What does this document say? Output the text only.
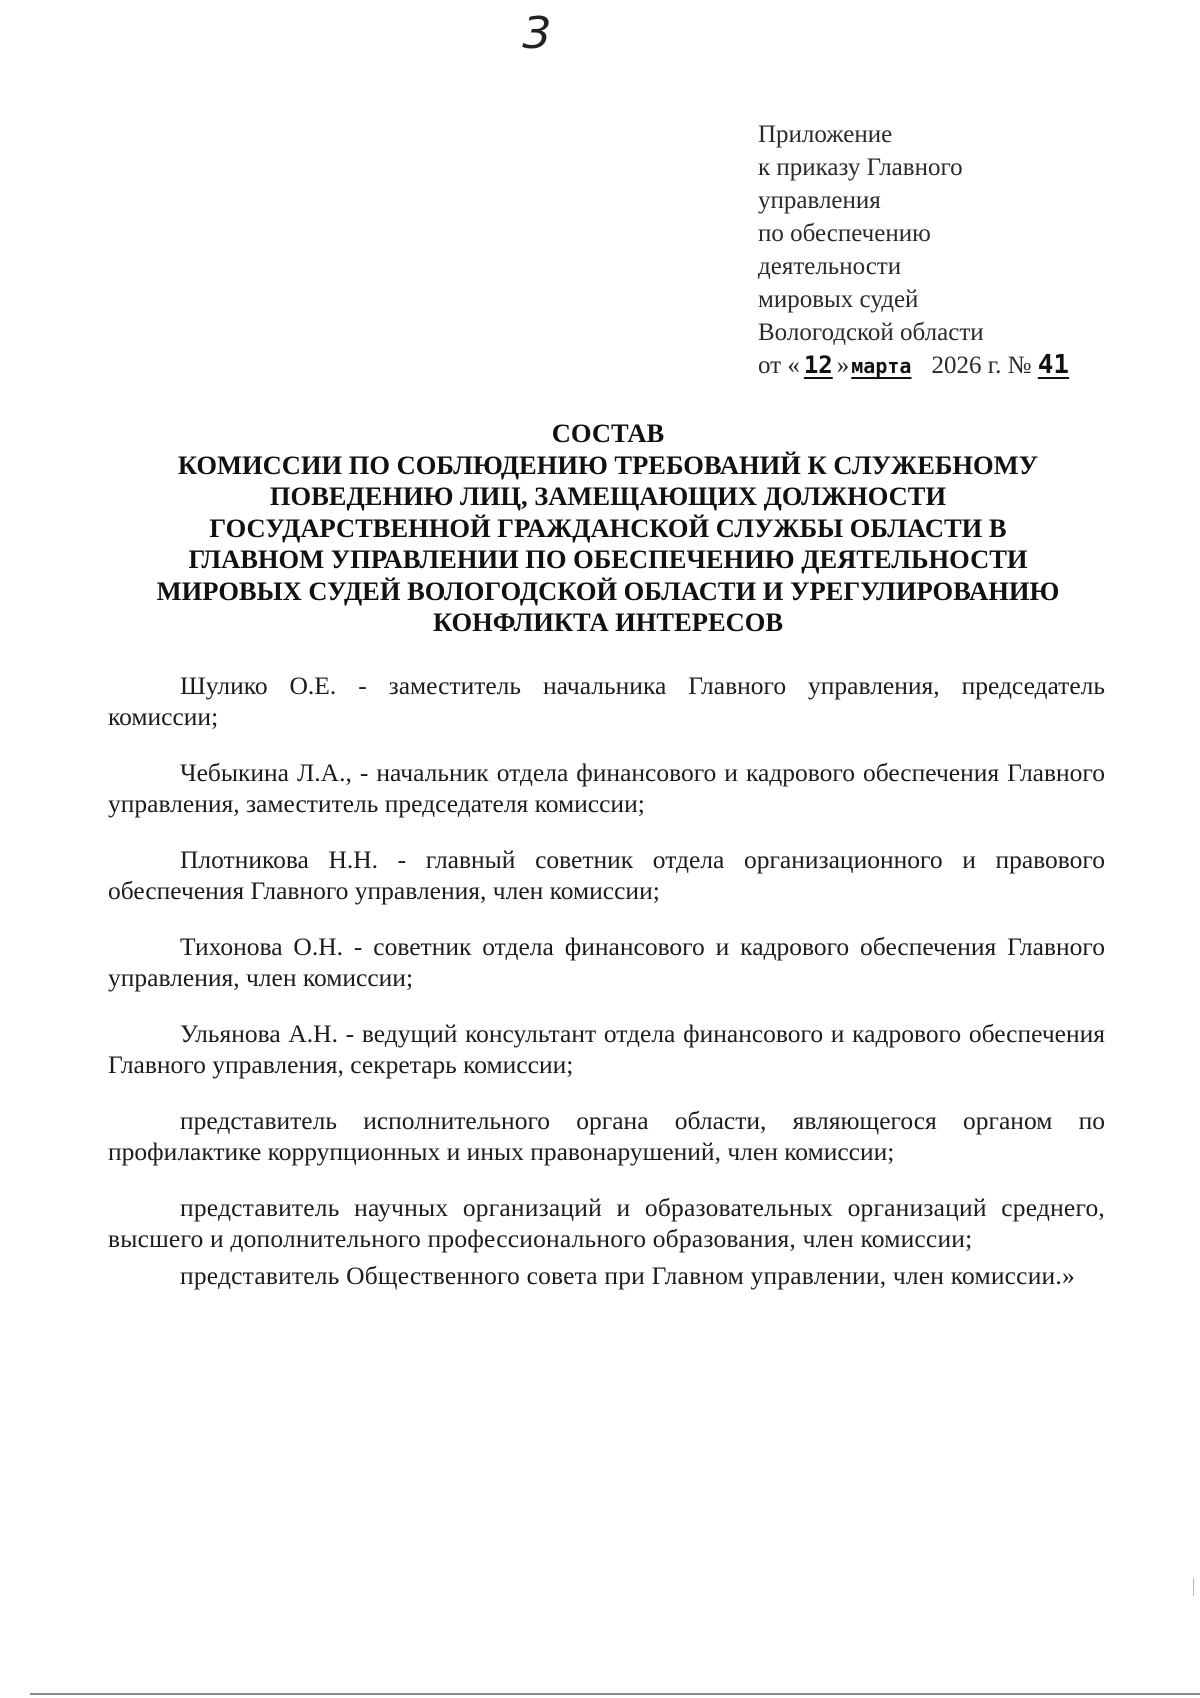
3
Приложение
к приказу Главного
управления
по обеспечению
деятельности
мировых судей
Вологодской области
от « 12 » марта 2026 г. № 41
СОСТАВ
КОМИССИИ ПО СОБЛЮДЕНИЮ ТРЕБОВАНИЙ К СЛУЖЕБНОМУ
ПОВЕДЕНИЮ ЛИЦ, ЗАМЕЩАЮЩИХ ДОЛЖНОСТИ
ГОСУДАРСТВЕННОЙ ГРАЖДАНСКОЙ СЛУЖБЫ ОБЛАСТИ В
ГЛАВНОМ УПРАВЛЕНИИ ПО ОБЕСПЕЧЕНИЮ ДЕЯТЕЛЬНОСТИ
МИРОВЫХ СУДЕЙ ВОЛОГОДСКОЙ ОБЛАСТИ И УРЕГУЛИРОВАНИЮ
КОНФЛИКТА ИНТЕРЕСОВ

Шулико О.Е. - заместитель начальника Главного управления, председатель комиссии;

Чебыкина Л.А., - начальник отдела финансового и кадрового обеспечения Главного управления, заместитель председателя комиссии;

Плотникова Н.Н. - главный советник отдела организационного и правового обеспечения Главного управления, член комиссии;

Тихонова О.Н. - советник отдела финансового и кадрового обеспечения Главного управления, член комиссии;

Ульянова А.Н. - ведущий консультант отдела финансового и кадрового обеспечения Главного управления, секретарь комиссии;

представитель исполнительного органа области, являющегося органом по профилактике коррупционных и иных правонарушений, член комиссии;

представитель научных организаций и образовательных организаций среднего, высшего и дополнительного профессионального образования, член комиссии;

представитель Общественного совета при Главном управлении, член комиссии.»
